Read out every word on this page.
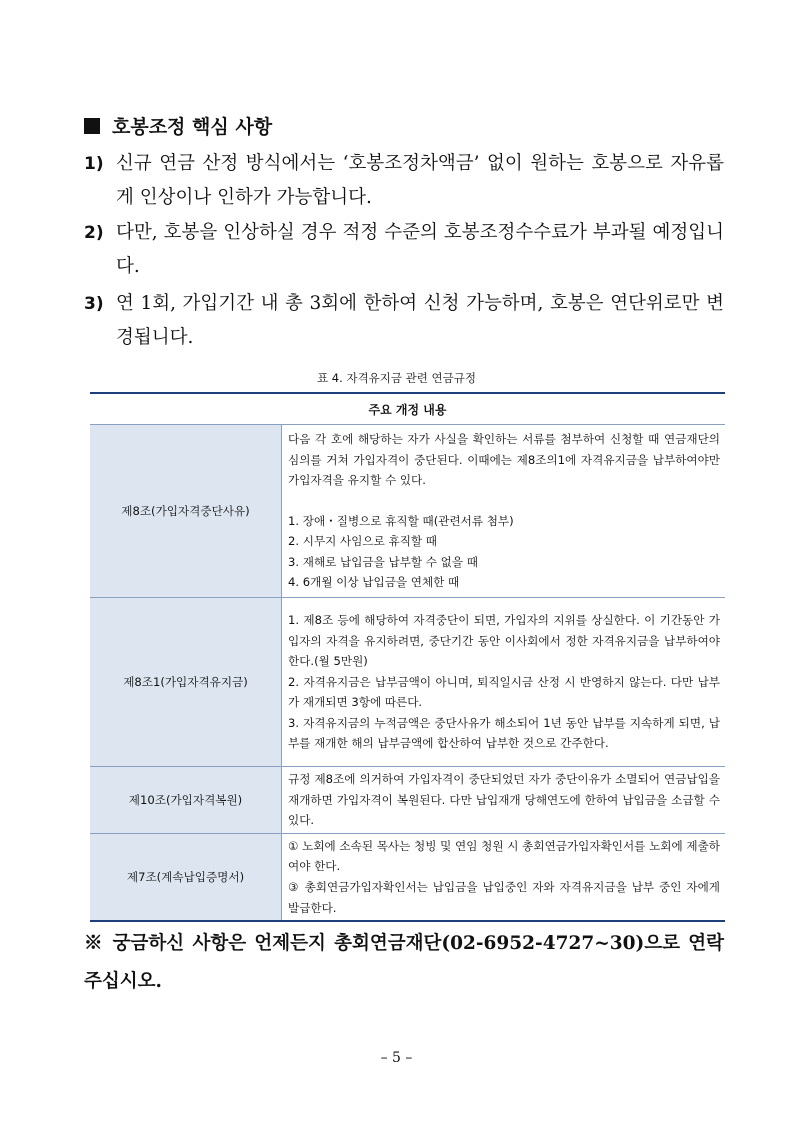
호봉조정 핵심 사항
1) 신규 연금 산정 방식에서는 ‘호봉조정차액금’ 없이 원하는 호봉으로 자유롭게 인상이나 인하가 가능합니다.
2) 다만, 호봉을 인상하실 경우 적정 수준의 호봉조정수수료가 부과될 예정입니다.
3) 연 1회, 가입기간 내 총 3회에 한하여 신청 가능하며, 호봉은 연단위로만 변경됩니다.
표 4. 자격유지금 관련 연금규정
주요 개정 내용	
제8조(가입자격중단사유)	다음 각 호에 해당하는 자가 사실을 확인하는 서류를 첨부하여 신청할 때 연금재단의 심의를 거쳐 가입자격이 중단된다. 이때에는 제8조의1에 자격유지금을 납부하여야만 가입자격을 유지할 수 있다.
1. 장애・질병으로 휴직할 때(관련서류 첨부)
2. 시무지 사임으로 휴직할 때
3. 재해로 납입금을 납부할 수 없을 때
4. 6개월 이상 납입금을 연체한 때

제8조1(가입자격유지금)	1. 제8조 등에 해당하여 자격중단이 되면, 가입자의 지위를 상실한다. 이 기간동안 가입자의 자격을 유지하려면, 중단기간 동안 이사회에서 정한 자격유지금을 납부하여야 한다.(월 5만원)
2. 자격유지금은 납부금액이 아니며, 퇴직일시금 산정 시 반영하지 않는다. 다만 납부가 재개되면 3항에 따른다.
3. 자격유지금의 누적금액은 중단사유가 해소되어 1년 동안 납부를 지속하게 되면, 납부를 재개한 해의 납부금액에 합산하여 납부한 것으로 간주한다.

제10조(가입자격복원)	규정 제8조에 의거하여 가입자격이 중단되었던 자가 중단이유가 소멸되어 연금납입을 재개하면 가입자격이 복원된다. 다만 납입재개 당해연도에 한하여 납입금을 소급할 수 있다.

제7조(계속납입증명서)	① 노회에 소속된 목사는 청빙 및 연임 청원 시 총회연금가입자확인서를 노회에 제출하여야 한다.
③ 총회연금가입자확인서는 납입금을 납입중인 자와 자격유지금을 납부 중인 자에게 발급한다.
※ 궁금하신 사항은 언제든지 총회연금재단(02-6952-4727~30)으로 연락주십시오.
– 5 –
